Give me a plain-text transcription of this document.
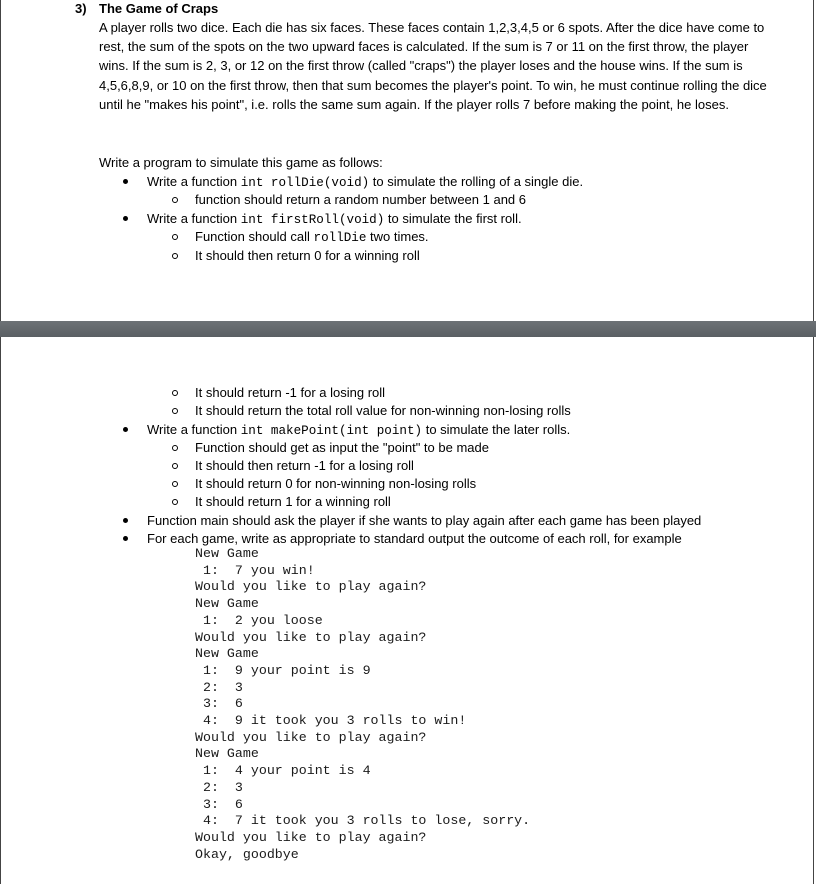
3) The Game of Craps
A player rolls two dice. Each die has six faces. These faces contain 1,2,3,4,5 or 6 spots. After the dice have come to rest, the sum of the spots on the two upward faces is calculated. If the sum is 7 or 11 on the first throw, the player wins. If the sum is 2, 3, or 12 on the first throw (called "craps") the player loses and the house wins. If the sum is 4,5,6,8,9, or 10 on the first throw, then that sum becomes the player's point. To win, he must continue rolling the dice until he "makes his point", i.e. rolls the same sum again. If the player rolls 7 before making the point, he loses.
Write a program to simulate this game as follows:
Write a function int rollDie(void) to simulate the rolling of a single die.
function should return a random number between 1 and 6
Write a function int firstRoll(void) to simulate the first roll.
Function should call rollDie two times.
It should then return 0 for a winning roll
It should return -1 for a losing roll
It should return the total roll value for non-winning non-losing rolls
Write a function int makePoint(int point) to simulate the later rolls.
Function should get as input the "point" to be made
It should then return -1 for a losing roll
It should return 0 for non-winning non-losing rolls
It should return 1 for a winning roll
Function main should ask the player if she wants to play again after each game has been played
For each game, write as appropriate to standard output the outcome of each roll, for example
New Game
1:  7 you win!
Would you like to play again?
New Game
1:  2 you loose
Would you like to play again?
New Game
1:  9 your point is 9
2:  3
3:  6
4:  9 it took you 3 rolls to win!
Would you like to play again?
New Game
1:  4 your point is 4
2:  3
3:  6
4:  7 it took you 3 rolls to lose, sorry.
Would you like to play again?
Okay, goodbye
